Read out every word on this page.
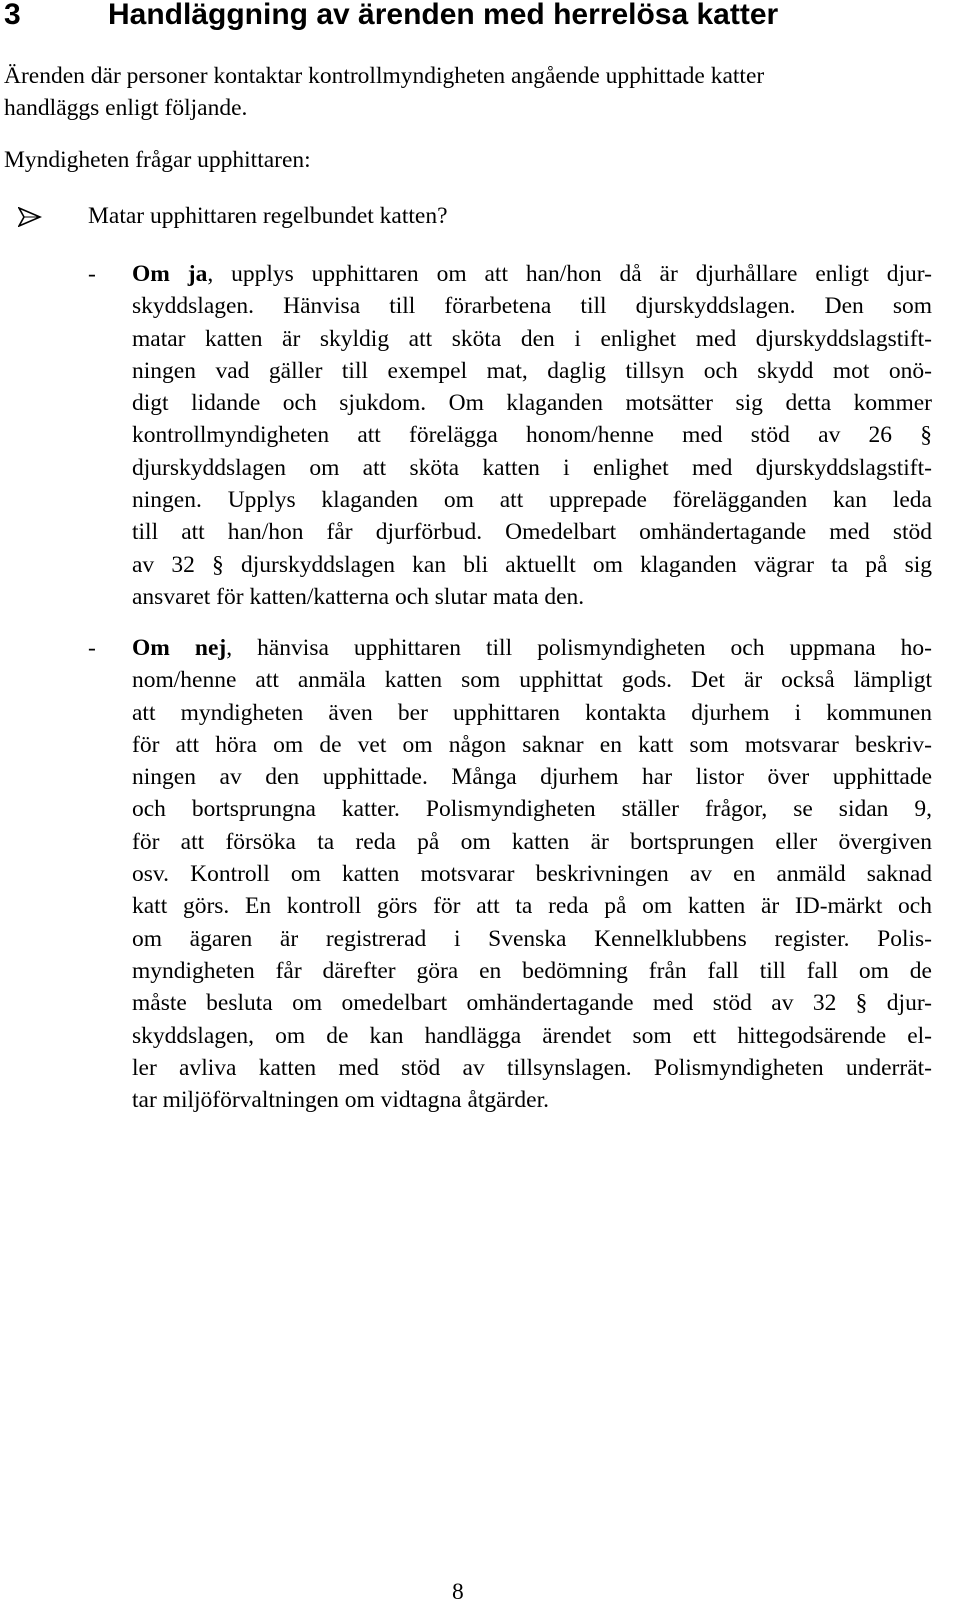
3	Handläggning av ärenden med herrelösa katter

Ärenden där personer kontaktar kontrollmyndigheten angående upphittade katter
handläggs enligt följande.

Myndigheten frågar upphittaren:

Matar upphittaren regelbundet katten?
- Om ja, upplys upphittaren om att han/hon då är djurhållare enligt djur-
skyddslagen. Hänvisa till förarbetena till djurskyddslagen. Den som
matar katten är skyldig att sköta den i enlighet med djurskyddslagstift-
ningen vad gäller till exempel mat, daglig tillsyn och skydd mot onö-
digt lidande och sjukdom. Om klaganden motsätter sig detta kommer
kontrollmyndigheten att förelägga honom/henne med stöd av 26 §
djurskyddslagen om att sköta katten i enlighet med djurskyddslagstift-
ningen. Upplys klaganden om att upprepade förelägganden kan leda
till att han/hon får djurförbud. Omedelbart omhändertagande med stöd
av 32 § djurskyddslagen kan bli aktuellt om klaganden vägrar ta på sig
ansvaret för katten/katterna och slutar mata den.
- Om nej, hänvisa upphittaren till polismyndigheten och uppmana ho-
nom/henne att anmäla katten som upphittat gods. Det är också lämpligt
att myndigheten även ber upphittaren kontakta djurhem i kommunen
för att höra om de vet om någon saknar en katt som motsvarar beskriv-
ningen av den upphittade. Många djurhem har listor över upphittade
och bortsprungna katter. Polismyndigheten ställer frågor, se sidan 9,
för att försöka ta reda på om katten är bortsprungen eller övergiven
osv. Kontroll om katten motsvarar beskrivningen av en anmäld saknad
katt görs. En kontroll görs för att ta reda på om katten är ID-märkt och
om ägaren är registrerad i Svenska Kennelklubbens register. Polis-
myndigheten får därefter göra en bedömning från fall till fall om de
måste besluta om omedelbart omhändertagande med stöd av 32 § djur-
skyddslagen, om de kan handlägga ärendet som ett hittegodsärende el-
ler avliva katten med stöd av tillsynslagen. Polismyndigheten underrät-
tar miljöförvaltningen om vidtagna åtgärder.
8
